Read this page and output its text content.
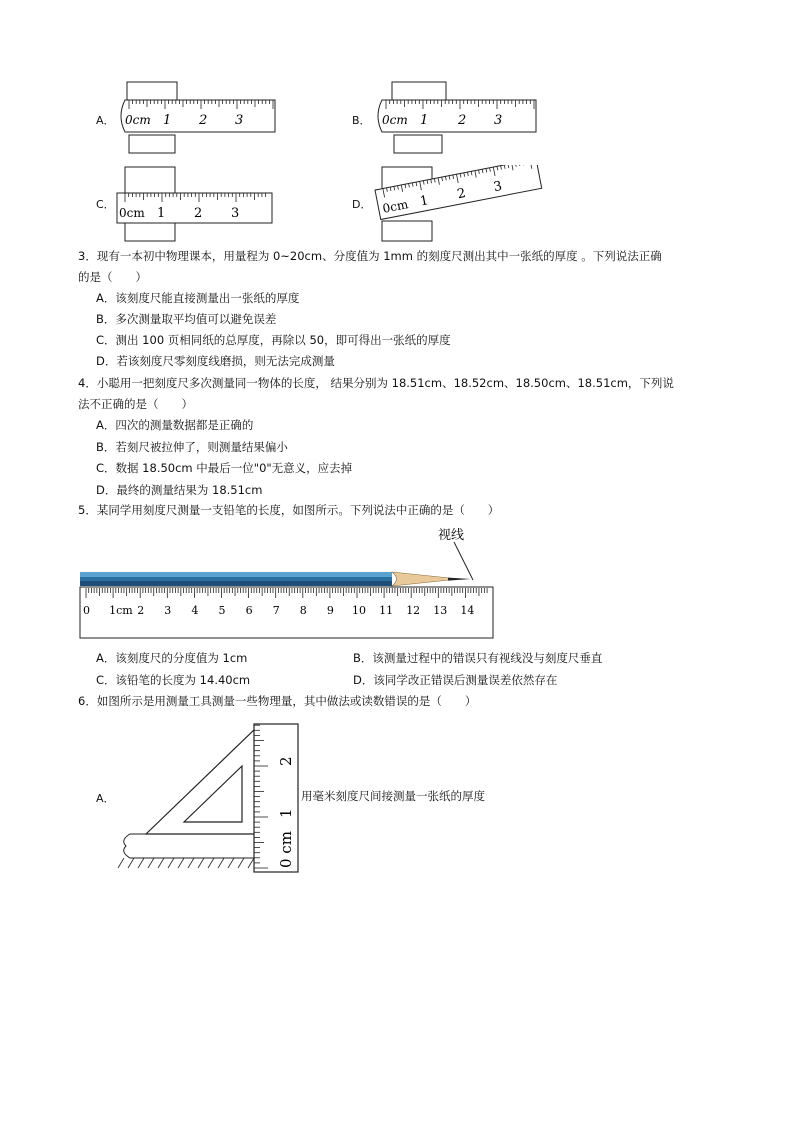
A． 0cm 1 2 3	B． 0cm 1 2 3
C．
0cm 1 2 3
D． 0cm 1 2 3
3．现有一本初中物理课本，用量程为 0~20cm、分度值为 1mm 的刻度尺测出其中一张纸的厚度 。下列说法正确
的是（　　）
A．该刻度尺能直接测量出一张纸的厚度
B．多次测量取平均值可以避免误差
C．测出 100 页相同纸的总厚度，再除以 50，即可得出一张纸的厚度
D．若该刻度尺零刻度线磨损，则无法完成测量
4．小聪用一把刻度尺多次测量同一物体的长度， 结果分别为 18.51cm、18.52cm、18.50cm、18.51cm，下列说
法不正确的是（　　）
A．四次的测量数据都是正确的
B．若刻尺被拉伸了，则测量结果偏小
C．数据 18.50cm 中最后一位"0"无意义，应去掉
D．最终的测量结果为 18.51cm
5．某同学用刻度尺测量一支铅笔的长度，如图所示。下列说法中正确的是（　　）
视线
0 1cm 2 3 4 5 6 7 8 9 10 11 12 13 14
A．该刻度尺的分度值为 1cm	B．该测量过程中的错误只有视线没与刻度尺垂直
C．该铅笔的长度为 14.40cm	D．该同学改正错误后测量误差依然存在
6．如图所示是用测量工具测量一些物理量，其中做法或读数错误的是（　　）
A．
0 cm
1
2
用毫米刻度尺间接测量一张纸的厚度
